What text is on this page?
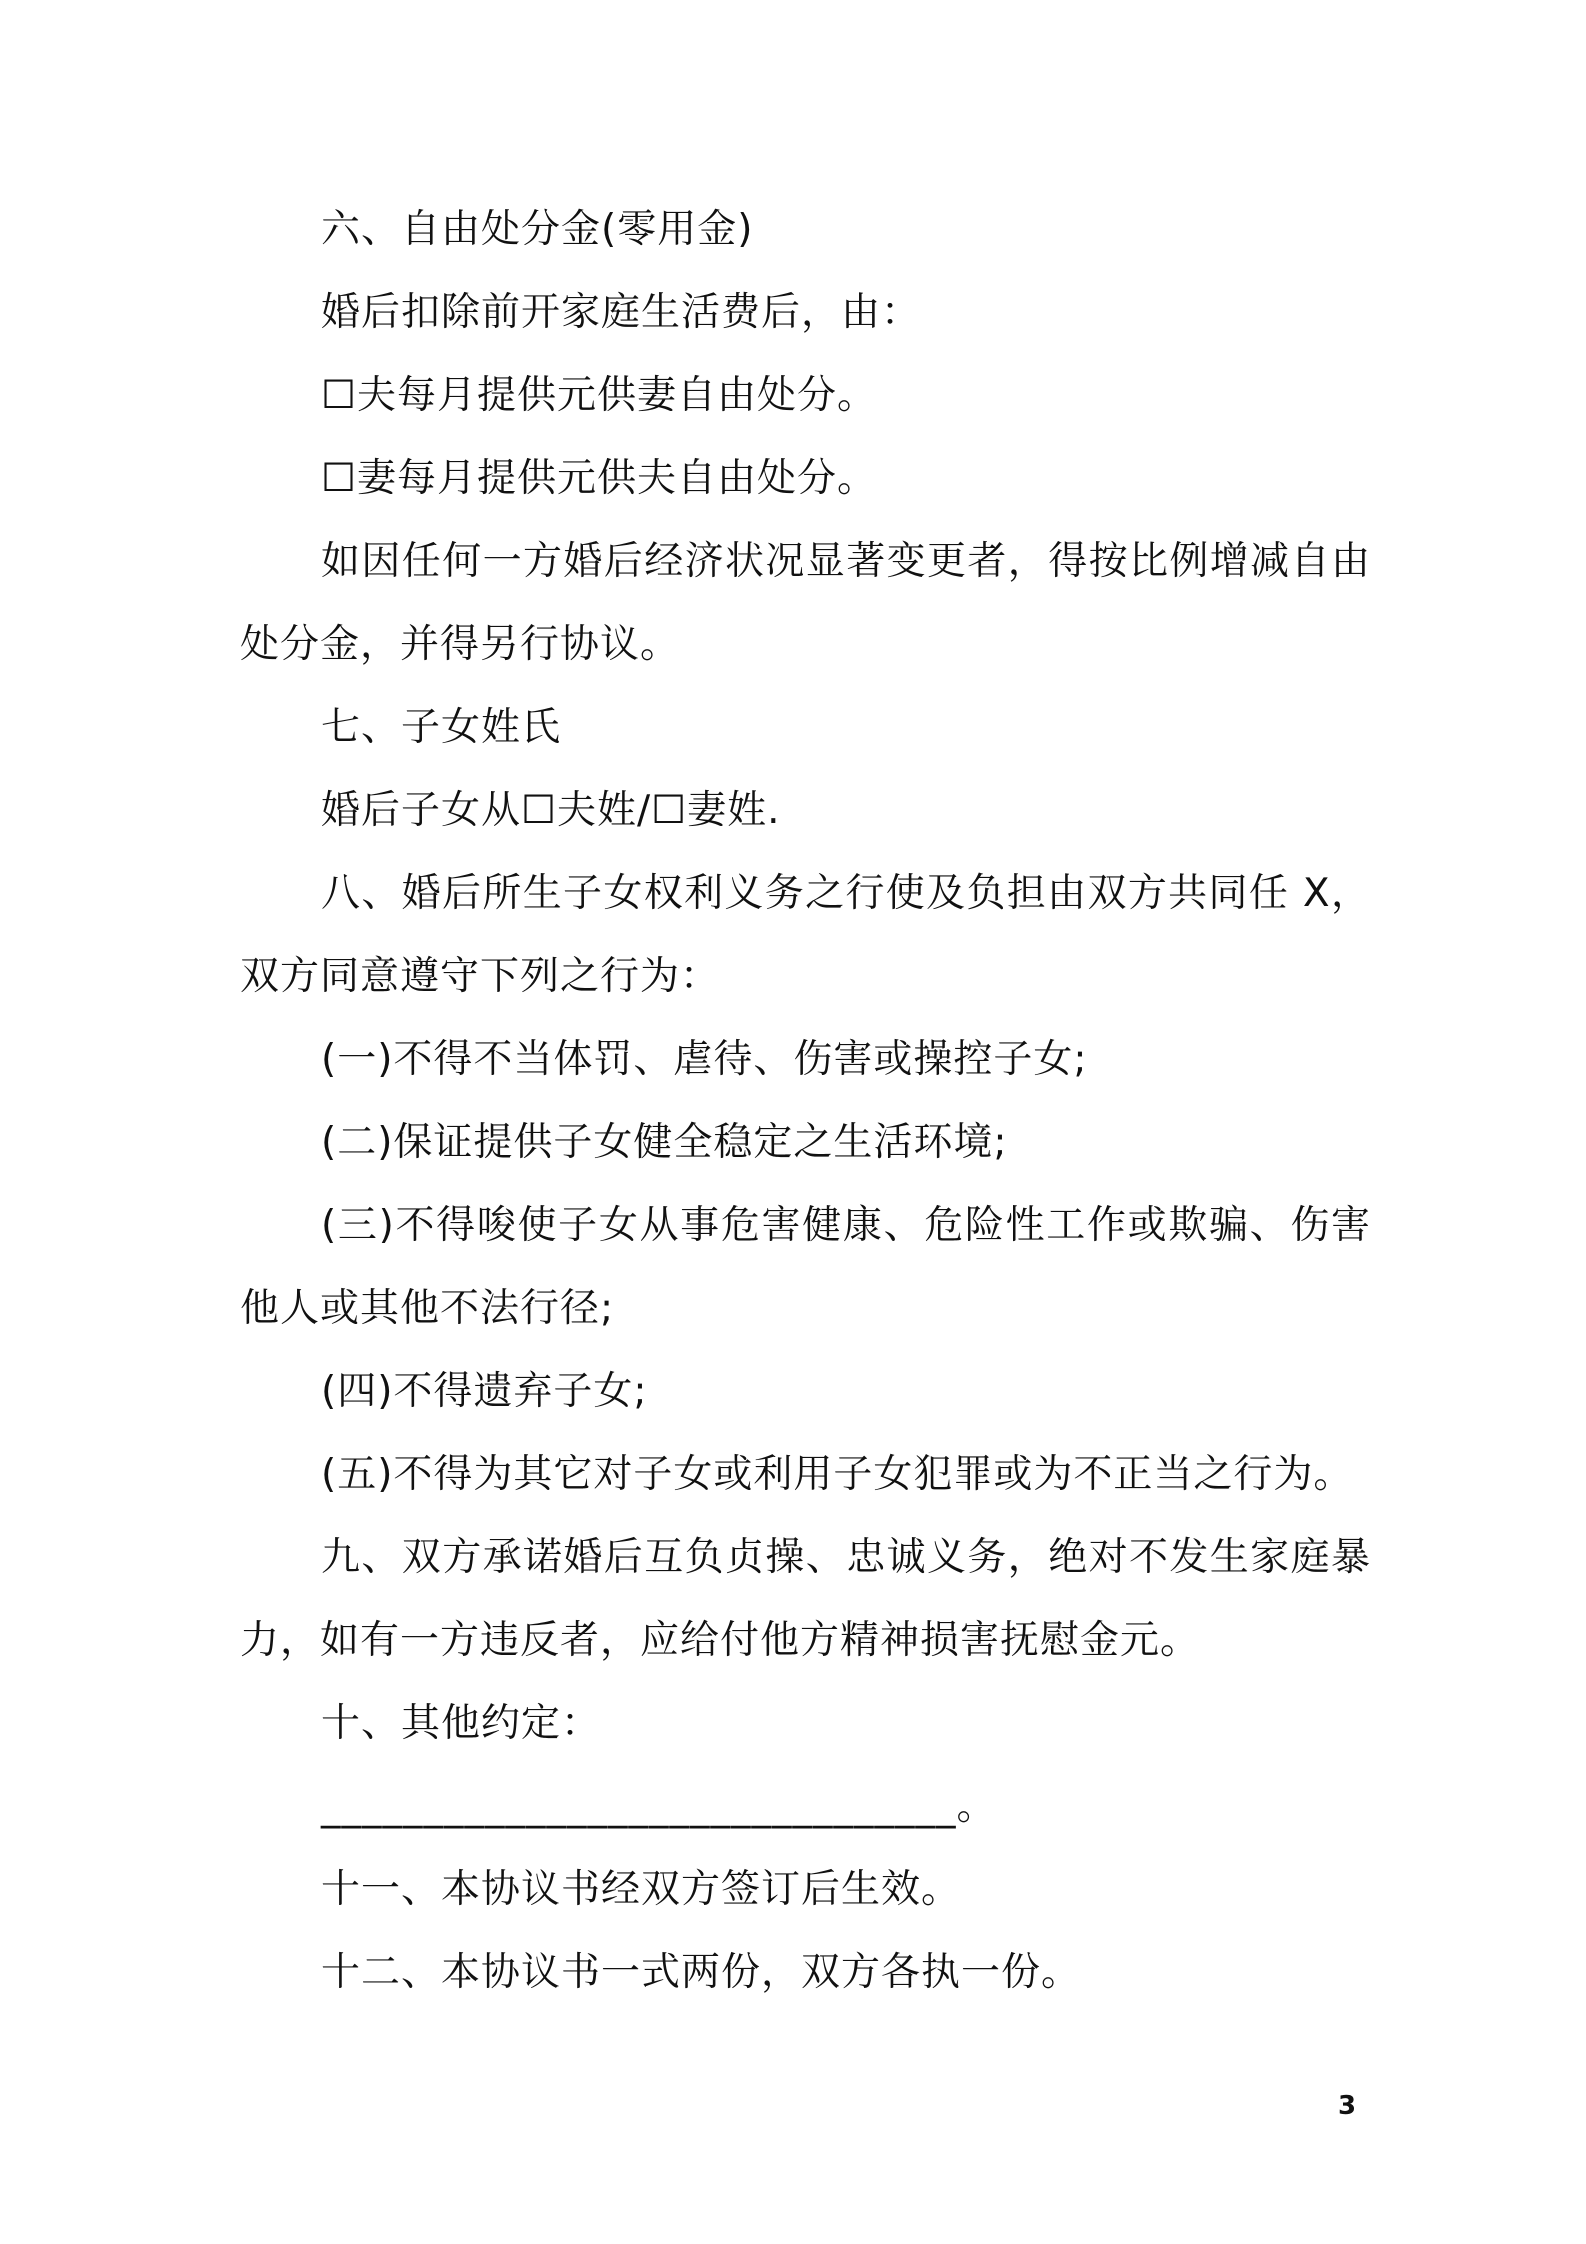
六、自由处分金(零用金)
婚后扣除前开家庭生活费后，由：
☐夫每月提供元供妻自由处分。
☐妻每月提供元供夫自由处分。
如因任何一方婚后经济状况显著变更者，得按比例增减自由
处分金，并得另行协议。
七、子女姓氏
婚后子女从☐夫姓/☐妻姓.
八、婚后所生子女权利义务之行使及负担由双方共同任 X，
双方同意遵守下列之行为：
(一)不得不当体罚、虐待、伤害或操控子女;
(二)保证提供子女健全稳定之生活环境;
(三)不得唆使子女从事危害健康、危险性工作或欺骗、伤害
他人或其他不法行径;
(四)不得遗弃子女;
(五)不得为其它对子女或利用子女犯罪或为不正当之行为。
九、双方承诺婚后互负贞操、忠诚义务，绝对不发生家庭暴
力，如有一方违反者，应给付他方精神损害抚慰金元。
十、其他约定：
_______________________________。
十一、本协议书经双方签订后生效。
十二、本协议书一式两份，双方各执一份。
3
